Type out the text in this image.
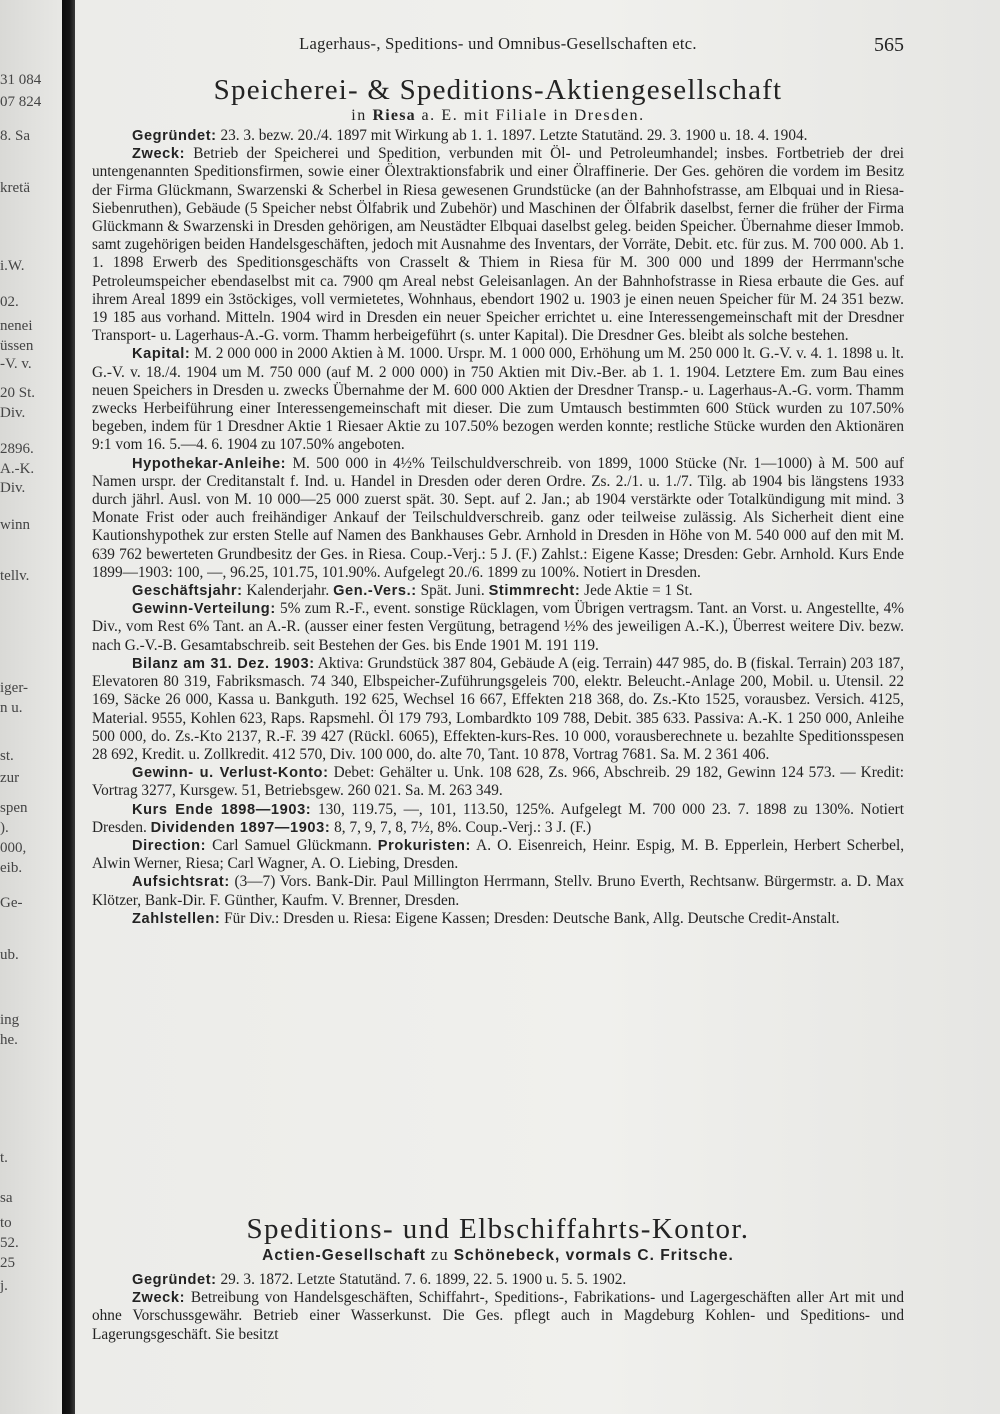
31 084
07 824
8. Sa
kretä
i.W.
02.
nenei
üssen
-V. v.
20 St.
Div.
2896.
A.-K.
Div.
winn
tellv.
iger-
n u.
st.
zur
spen
).
000,
eib.
Ge-
ub.
ing
he.
t.
sa
to
52.
25
j.
Lagerhaus-, Speditions- und Omnibus-Gesellschaften etc.	565
Speicherei- & Speditions-Aktiengesellschaft
in Riesa a. E. mit Filiale in Dresden.

Gegründet: 23. 3. bezw. 20./4. 1897 mit Wirkung ab 1. 1. 1897. Letzte Statutänd. 29. 3. 1900 u. 18. 4. 1904.

Zweck: Betrieb der Speicherei und Spedition, verbunden mit Öl- und Petroleumhandel; insbes. Fortbetrieb der drei untengenannten Speditionsfirmen, sowie einer Ölextraktionsfabrik und einer Ölraffinerie. Der Ges. gehören die vordem im Besitz der Firma Glückmann, Swarzenski & Scherbel in Riesa gewesenen Grundstücke (an der Bahnhofstrasse, am Elbquai und in Riesa-Siebenruthen), Gebäude (5 Speicher nebst Ölfabrik und Zubehör) und Maschinen der Ölfabrik daselbst, ferner die früher der Firma Glückmann & Swarzenski in Dresden gehörigen, am Neustädter Elbquai daselbst geleg. beiden Speicher. Übernahme dieser Immob. samt zugehörigen beiden Handelsgeschäften, jedoch mit Ausnahme des Inventars, der Vorräte, Debit. etc. für zus. M. 700 000. Ab 1. 1. 1898 Erwerb des Speditionsgeschäfts von Crasselt & Thiem in Riesa für M. 300 000 und 1899 der Herrmann'sche Petroleumspeicher ebendaselbst mit ca. 7900 qm Areal nebst Geleisanlagen. An der Bahnhofstrasse in Riesa erbaute die Ges. auf ihrem Areal 1899 ein 3stöckiges, voll vermietetes, Wohnhaus, ebendort 1902 u. 1903 je einen neuen Speicher für M. 24 351 bezw. 19 185 aus vorhand. Mitteln. 1904 wird in Dresden ein neuer Speicher errichtet u. eine Interessengemeinschaft mit der Dresdner Transport- u. Lagerhaus-A.-G. vorm. Thamm herbeigeführt (s. unter Kapital). Die Dresdner Ges. bleibt als solche bestehen.

Kapital: M. 2 000 000 in 2000 Aktien à M. 1000. Urspr. M. 1 000 000, Erhöhung um M. 250 000 lt. G.-V. v. 4. 1. 1898 u. lt. G.-V. v. 18./4. 1904 um M. 750 000 (auf M. 2 000 000) in 750 Aktien mit Div.-Ber. ab 1. 1. 1904. Letztere Em. zum Bau eines neuen Speichers in Dresden u. zwecks Übernahme der M. 600 000 Aktien der Dresdner Transp.- u. Lagerhaus-A.-G. vorm. Thamm zwecks Herbeiführung einer Interessengemeinschaft mit dieser. Die zum Umtausch bestimmten 600 Stück wurden zu 107.50% begeben, indem für 1 Dresdner Aktie 1 Riesaer Aktie zu 107.50% bezogen werden konnte; restliche Stücke wurden den Aktionären 9:1 vom 16. 5.—4. 6. 1904 zu 107.50% angeboten.

Hypothekar-Anleihe: M. 500 000 in 4½% Teilschuldverschreib. von 1899, 1000 Stücke (Nr. 1—1000) à M. 500 auf Namen urspr. der Creditanstalt f. Ind. u. Handel in Dresden oder deren Ordre. Zs. 2./1. u. 1./7. Tilg. ab 1904 bis längstens 1933 durch jährl. Ausl. von M. 10 000—25 000 zuerst spät. 30. Sept. auf 2. Jan.; ab 1904 verstärkte oder Totalkündigung mit mind. 3 Monate Frist oder auch freihändiger Ankauf der Teilschuldverschreib. ganz oder teilweise zulässig. Als Sicherheit dient eine Kautionshypothek zur ersten Stelle auf Namen des Bankhauses Gebr. Arnhold in Dresden in Höhe von M. 540 000 auf den mit M. 639 762 bewerteten Grundbesitz der Ges. in Riesa. Coup.-Verj.: 5 J. (F.) Zahlst.: Eigene Kasse; Dresden: Gebr. Arnhold. Kurs Ende 1899—1903: 100, —, 96.25, 101.75, 101.90%. Aufgelegt 20./6. 1899 zu 100%. Notiert in Dresden.

Geschäftsjahr: Kalenderjahr. Gen.-Vers.: Spät. Juni. Stimmrecht: Jede Aktie = 1 St.

Gewinn-Verteilung: 5% zum R.-F., event. sonstige Rücklagen, vom Übrigen vertragsm. Tant. an Vorst. u. Angestellte, 4% Div., vom Rest 6% Tant. an A.-R. (ausser einer festen Vergütung, betragend ½% des jeweiligen A.-K.), Überrest weitere Div. bezw. nach G.-V.-B. Gesamtabschreib. seit Bestehen der Ges. bis Ende 1901 M. 191 119.

Bilanz am 31. Dez. 1903: Aktiva: Grundstück 387 804, Gebäude A (eig. Terrain) 447 985, do. B (fiskal. Terrain) 203 187, Elevatoren 80 319, Fabriksmasch. 74 340, Elbspeicher-Zuführungsgeleis 700, elektr. Beleucht.-Anlage 200, Mobil. u. Utensil. 22 169, Säcke 26 000, Kassa u. Bankguth. 192 625, Wechsel 16 667, Effekten 218 368, do. Zs.-Kto 1525, vorausbez. Versich. 4125, Material. 9555, Kohlen 623, Raps. Rapsmehl. Öl 179 793, Lombardkto 109 788, Debit. 385 633. Passiva: A.-K. 1 250 000, Anleihe 500 000, do. Zs.-Kto 2137, R.-F. 39 427 (Rückl. 6065), Effekten-kurs-Res. 10 000, vorausberechnete u. bezahlte Speditionsspesen 28 692, Kredit. u. Zollkredit. 412 570, Div. 100 000, do. alte 70, Tant. 10 878, Vortrag 7681. Sa. M. 2 361 406.

Gewinn- u. Verlust-Konto: Debet: Gehälter u. Unk. 108 628, Zs. 966, Abschreib. 29 182, Gewinn 124 573. — Kredit: Vortrag 3277, Kursgew. 51, Betriebsgew. 260 021. Sa. M. 263 349.

Kurs Ende 1898—1903: 130, 119.75, —, 101, 113.50, 125%. Aufgelegt M. 700 000 23. 7. 1898 zu 130%. Notiert Dresden. Dividenden 1897—1903: 8, 7, 9, 7, 8, 7½, 8%. Coup.-Verj.: 3 J. (F.)

Direction: Carl Samuel Glückmann. Prokuristen: A. O. Eisenreich, Heinr. Espig, M. B. Epperlein, Herbert Scherbel, Alwin Werner, Riesa; Carl Wagner, A. O. Liebing, Dresden.

Aufsichtsrat: (3—7) Vors. Bank-Dir. Paul Millington Herrmann, Stellv. Bruno Everth, Rechtsanw. Bürgermstr. a. D. Max Klötzer, Bank-Dir. F. Günther, Kaufm. V. Brenner, Dresden.

Zahlstellen: Für Div.: Dresden u. Riesa: Eigene Kassen; Dresden: Deutsche Bank, Allg. Deutsche Credit-Anstalt.

Speditions- und Elbschiffahrts-Kontor.
Actien-Gesellschaft zu Schönebeck, vormals C. Fritsche.

Gegründet: 29. 3. 1872. Letzte Statutänd. 7. 6. 1899, 22. 5. 1900 u. 5. 5. 1902.

Zweck: Betreibung von Handelsgeschäften, Schiffahrt-, Speditions-, Fabrikations- und Lagergeschäften aller Art mit und ohne Vorschussgewähr. Betrieb einer Wasserkunst. Die Ges. pflegt auch in Magdeburg Kohlen- und Speditions- und Lagerungsgeschäft. Sie besitzt
